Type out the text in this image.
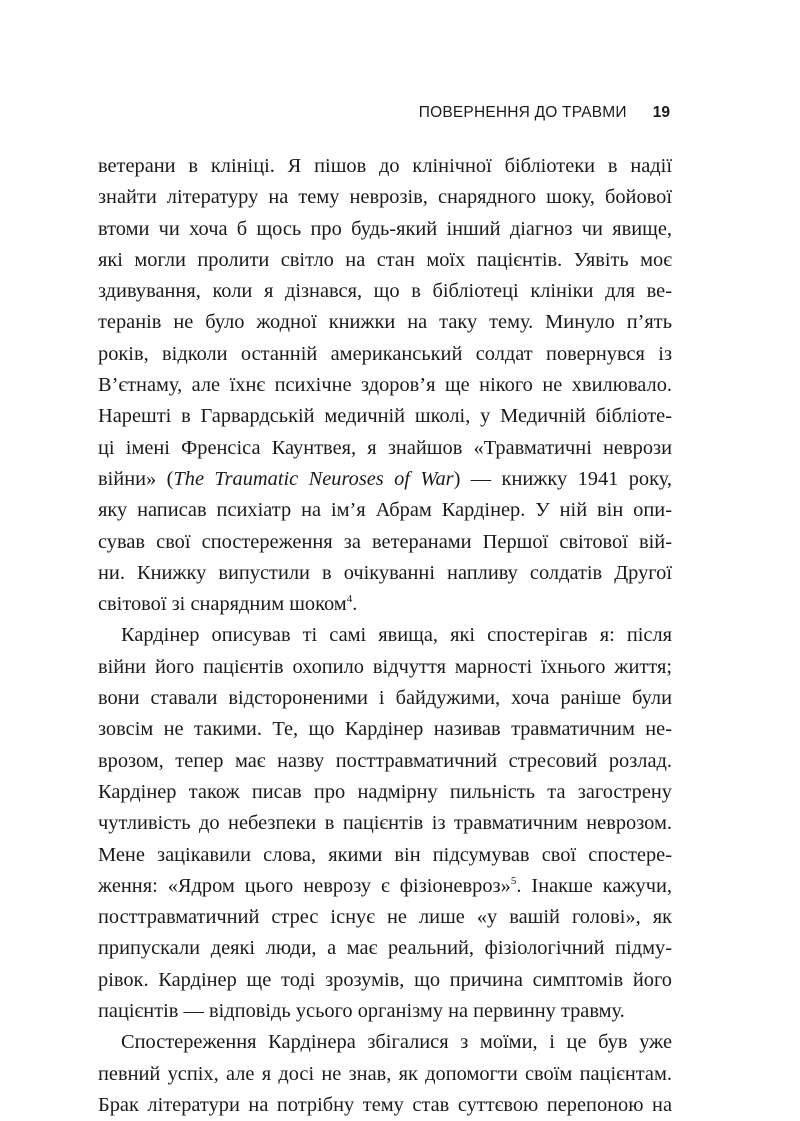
ПОВЕРНЕННЯ ДО ТРАВМИ 19

ветерани в клініці. Я пішов до клінічної бібліотеки в надії
знайти літературу на тему неврозів, снарядного шоку, бойової
втоми чи хоча б щось про будь-який інший діагноз чи явище,
які могли пролити світло на стан моїх пацієнтів. Уявіть моє
здивування, коли я дізнався, що в бібліотеці клініки для ве-
теранів не було жодної книжки на таку тему. Минуло п’ять
років, відколи останній американський солдат повернувся із
В’єтнаму, але їхнє психічне здоров’я ще нікого не хвилювало.
Нарешті в Гарвардській медичній школі, у Медичній бібліоте-
ці імені Френсіса Каунтвея, я знайшов «Травматичні неврози
війни» (The Traumatic Neuroses of War) — книжку 1941 року,
яку написав психіатр на ім’я Абрам Кардінер. У ній він опи-
сував свої спостереження за ветеранами Першої світової вій-
ни. Книжку випустили в очікуванні напливу солдатів Другої
світової зі снарядним шоком$^4$.

Кардінер описував ті самі явища, які спостерігав я: після
війни його пацієнтів охопило відчуття марності їхнього життя;
вони ставали відстороненими і байдужими, хоча раніше були
зовсім не такими. Те, що Кардінер називав травматичним не-
врозом, тепер має назву посттравматичний стресовий розлад.
Кардінер також писав про надмірну пильність та загострену
чутливість до небезпеки в пацієнтів із травматичним неврозом.
Мене зацікавили слова, якими він підсумував свої спостере-
ження: «Ядром цього неврозу є фізіоневроз»$^5$. Інакше кажучи,
посттравматичний стрес існує не лише «у вашій голові», як
припускали деякі люди, а має реальний, фізіологічний підму-
рівок. Кардінер ще тоді зрозумів, що причина симптомів його
пацієнтів — відповідь усього організму на первинну травму.

Спостереження Кардінера збігалися з моїми, і це був уже
певний успіх, але я досі не знав, як допомогти своїм пацієнтам.
Брак літератури на потрібну тему став суттєвою перепоною на
